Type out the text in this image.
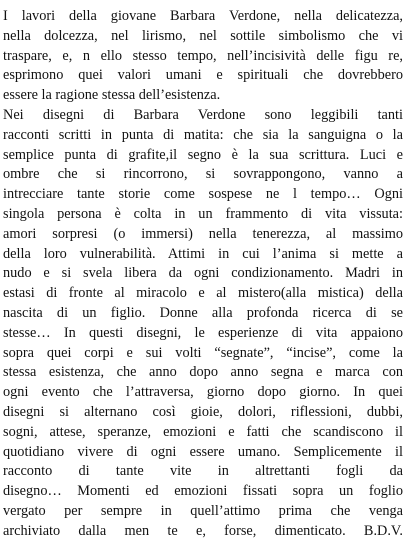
I lavori della giovane Barbara Verdone, nella delicatezza,
nella dolcezza, nel lirismo, nel sottile simbolismo che vi
traspare, e, n ello stesso tempo, nell’incisività delle figu re,
esprimono quei valori umani e spirituali che dovrebbero
essere la ragione stessa dell’esistenza.
Nei disegni di Barbara Verdone sono leggibili tanti
racconti scritti in punta di matita: che sia la sanguigna o la
semplice punta di grafite,il segno è la sua scrittura. Luci e
ombre che si rincorrono, si sovrappongono, vanno a
intrecciare tante storie come sospese ne l tempo… Ogni
singola persona è colta in un frammento di vita vissuta:
amori sorpresi (o immersi) nella tenerezza, al massimo
della loro vulnerabilità. Attimi in cui l’anima si mette a
nudo e si svela libera da ogni condizionamento. Madri in
estasi di fronte al miracolo e al mistero(alla mistica) della
nascita di un figlio. Donne alla profonda ricerca di se
stesse… In questi disegni, le esperienze di vita appaiono
sopra quei corpi e sui volti “segnate”, “incise”, come la
stessa esistenza, che anno dopo anno segna e marca con
ogni evento che l’attraversa, giorno dopo giorno. In quei
disegni si alternano così gioie, dolori, riflessioni, dubbi,
sogni, attese, speranze, emozioni e fatti che scandiscono il
quotidiano vivere di ogni essere umano. Semplicemente il
racconto di tante vite in altrettanti fogli da
disegno… Momenti ed emozioni fissati sopra un foglio
vergato per sempre in quell’attimo prima che venga
archiviato dalla men te e, forse, dimenticato. B.D.V.
